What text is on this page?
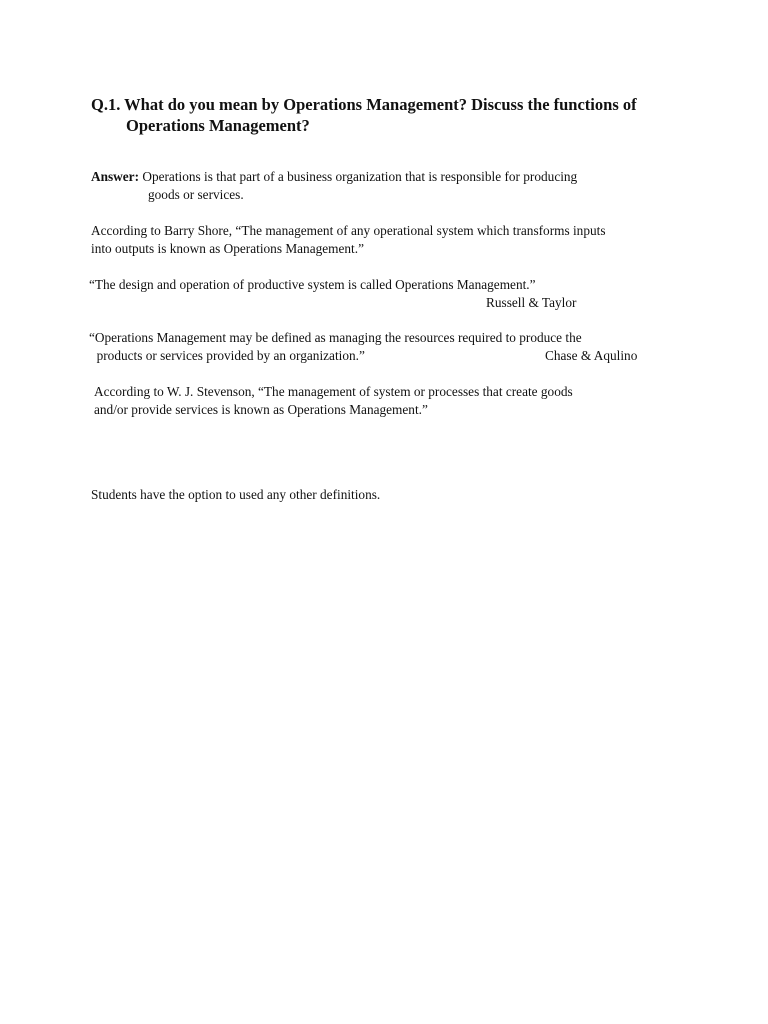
Q.1. What do you mean by Operations Management? Discuss the functions of
Operations Management?
Answer: Operations is that part of a business organization that is responsible for producing
goods or services.
According to Barry Shore, “The management of any operational system which transforms inputs
into outputs is known as Operations Management.”
“The design and operation of productive system is called Operations Management.”
Russell & Taylor
“Operations Management may be defined as managing the resources required to produce the
products or services provided by an organization.”	Chase & Aqulino
According to W. J. Stevenson, “The management of system or processes that create goods
and/or provide services is known as Operations Management.”
Students have the option to used any other definitions.
